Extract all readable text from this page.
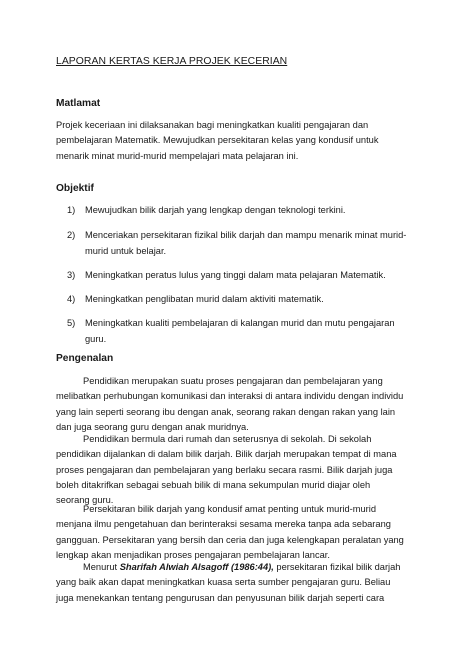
LAPORAN KERTAS KERJA PROJEK KECERIAN
Matlamat

Projek keceriaan ini dilaksanakan bagi meningkatkan kualiti pengajaran dan pembelajaran Matematik. Mewujudkan persekitaran kelas yang kondusif untuk menarik minat murid-murid mempelajari mata pelajaran ini.

Objektif
1) Mewujudkan bilik darjah yang lengkap dengan teknologi terkini.
2) Menceriakan persekitaran fizikal bilik darjah dan mampu menarik minat murid-murid untuk belajar.
3) Meningkatkan peratus lulus yang tinggi dalam mata pelajaran Matematik.
4) Meningkatkan penglibatan murid dalam aktiviti matematik.
5) Meningkatkan kualiti pembelajaran di kalangan murid dan mutu pengajaran guru.
Pengenalan

Pendidikan merupakan suatu proses pengajaran dan pembelajaran yang melibatkan perhubungan komunikasi dan interaksi di antara individu dengan individu yang lain seperti seorang ibu dengan anak, seorang rakan dengan rakan yang lain dan juga seorang guru dengan anak muridnya.

Pendidikan bermula dari rumah dan seterusnya di sekolah. Di sekolah pendidikan dijalankan di dalam bilik darjah. Bilik darjah merupakan tempat di mana proses pengajaran dan pembelajaran yang berlaku secara rasmi. Bilik darjah juga boleh ditakrifkan sebagai sebuah bilik di mana sekumpulan murid diajar oleh seorang guru.

Persekitaran bilik darjah yang kondusif amat penting untuk murid-murid menjana ilmu pengetahuan dan berinteraksi sesama mereka tanpa ada sebarang gangguan. Persekitaran yang bersih dan ceria dan juga kelengkapan peralatan yang lengkap akan menjadikan proses pengajaran pembelajaran lancar.

Menurut Sharifah Alwiah Alsagoff (1986:44), persekitaran fizikal bilik darjah yang baik akan dapat meningkatkan kuasa serta sumber pengajaran guru. Beliau juga menekankan tentang pengurusan dan penyusunan bilik darjah seperti cara
